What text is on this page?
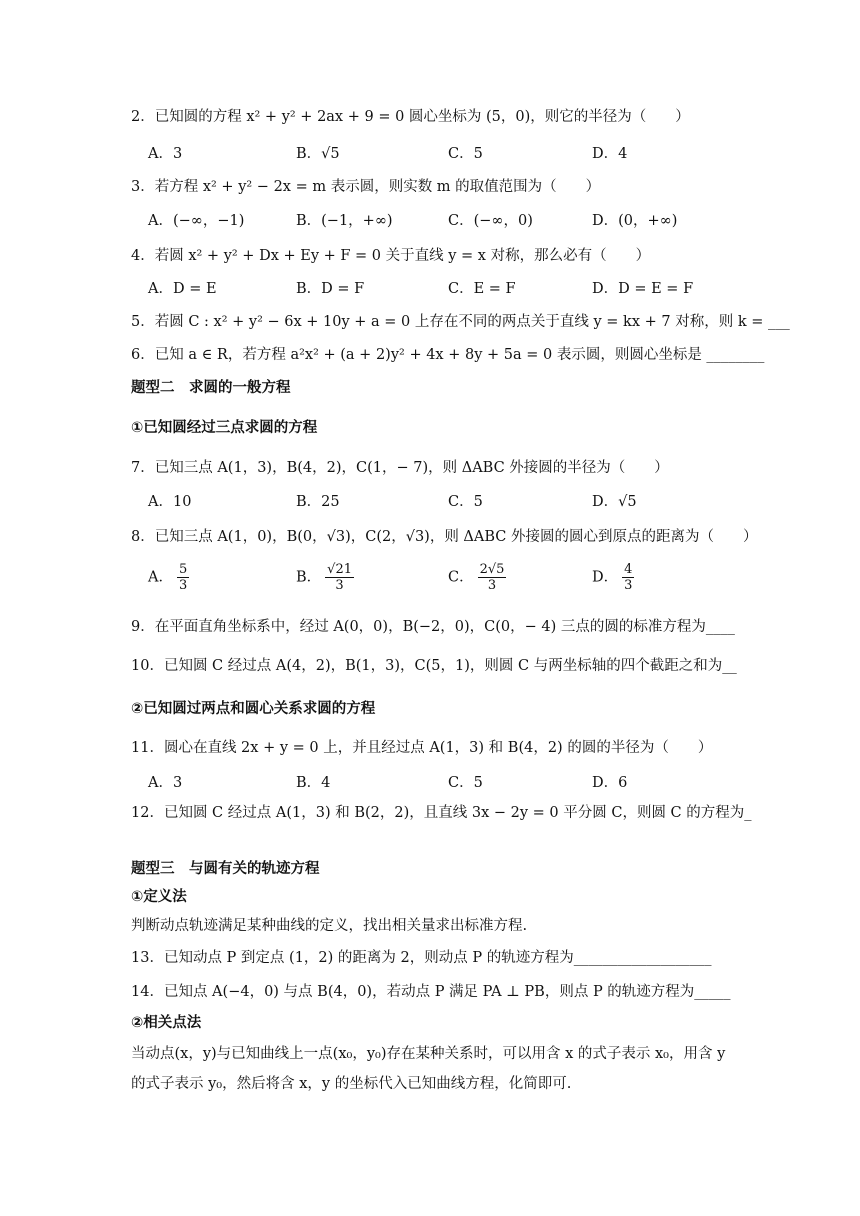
2．已知圆的方程 x² + y² + 2ax + 9 = 0 圆心坐标为 (5，0)，则它的半径为（　　）
A．3	B．√5	C．5	D．4
3．若方程 x² + y² − 2x = m 表示圆，则实数 m 的取值范围为（　　）
A．(−∞，−1)	B．(−1，+∞)	C．(−∞，0)	D．(0，+∞)
4．若圆 x² + y² + Dx + Ey + F = 0 关于直线 y = x 对称，那么必有（　　）
A．D = E	B．D = F	C．E = F	D．D = E = F
5．若圆 C : x² + y² − 6x + 10y + a = 0 上存在不同的两点关于直线 y = kx + 7 对称，则 k = ___
6．已知 a ∈ R，若方程 a²x² + (a + 2)y² + 4x + 8y + 5a = 0 表示圆，则圆心坐标是 ________
题型二　求圆的一般方程
①已知圆经过三点求圆的方程
7．已知三点 A(1，3)，B(4，2)，C(1，− 7)，则 ΔABC 外接圆的半径为（　　）
A．10	B．25	C．5	D．√5
8．已知三点 A(1，0)，B(0，√3)，C(2，√3)，则 ΔABC 外接圆的圆心到原点的距离为（　　）
A． $\frac{5}{3}$	B． $\frac{√21}{3}$	C． $\frac{2√5}{3}$	D． $\frac{4}{3}$
9．在平面直角坐标系中，经过 A(0，0)，B(−2，0)，C(0，− 4) 三点的圆的标准方程为____
10．已知圆 C 经过点 A(4，2)，B(1，3)，C(5，1)，则圆 C 与两坐标轴的四个截距之和为__
②已知圆过两点和圆心关系求圆的方程
11．圆心在直线 2x + y = 0 上，并且经过点 A(1，3) 和 B(4，2) 的圆的半径为（　　）
A．3	B．4	C．5	D．6
12．已知圆 C 经过点 A(1，3) 和 B(2，2)，且直线 3x − 2y = 0 平分圆 C，则圆 C 的方程为_
题型三　与圆有关的轨迹方程
①定义法
判断动点轨迹满足某种曲线的定义，找出相关量求出标准方程.
13．已知动点 P 到定点 (1，2) 的距离为 2，则动点 P 的轨迹方程为___________________
14．已知点 A(−4，0) 与点 B(4，0)，若动点 P 满足 PA ⊥ PB，则点 P 的轨迹方程为_____
②相关点法
当动点(x，y)与已知曲线上一点(x₀，y₀)存在某种关系时，可以用含 x 的式子表示 x₀，用含 y 的式子表示 y₀，然后将含 x，y 的坐标代入已知曲线方程，化简即可.
